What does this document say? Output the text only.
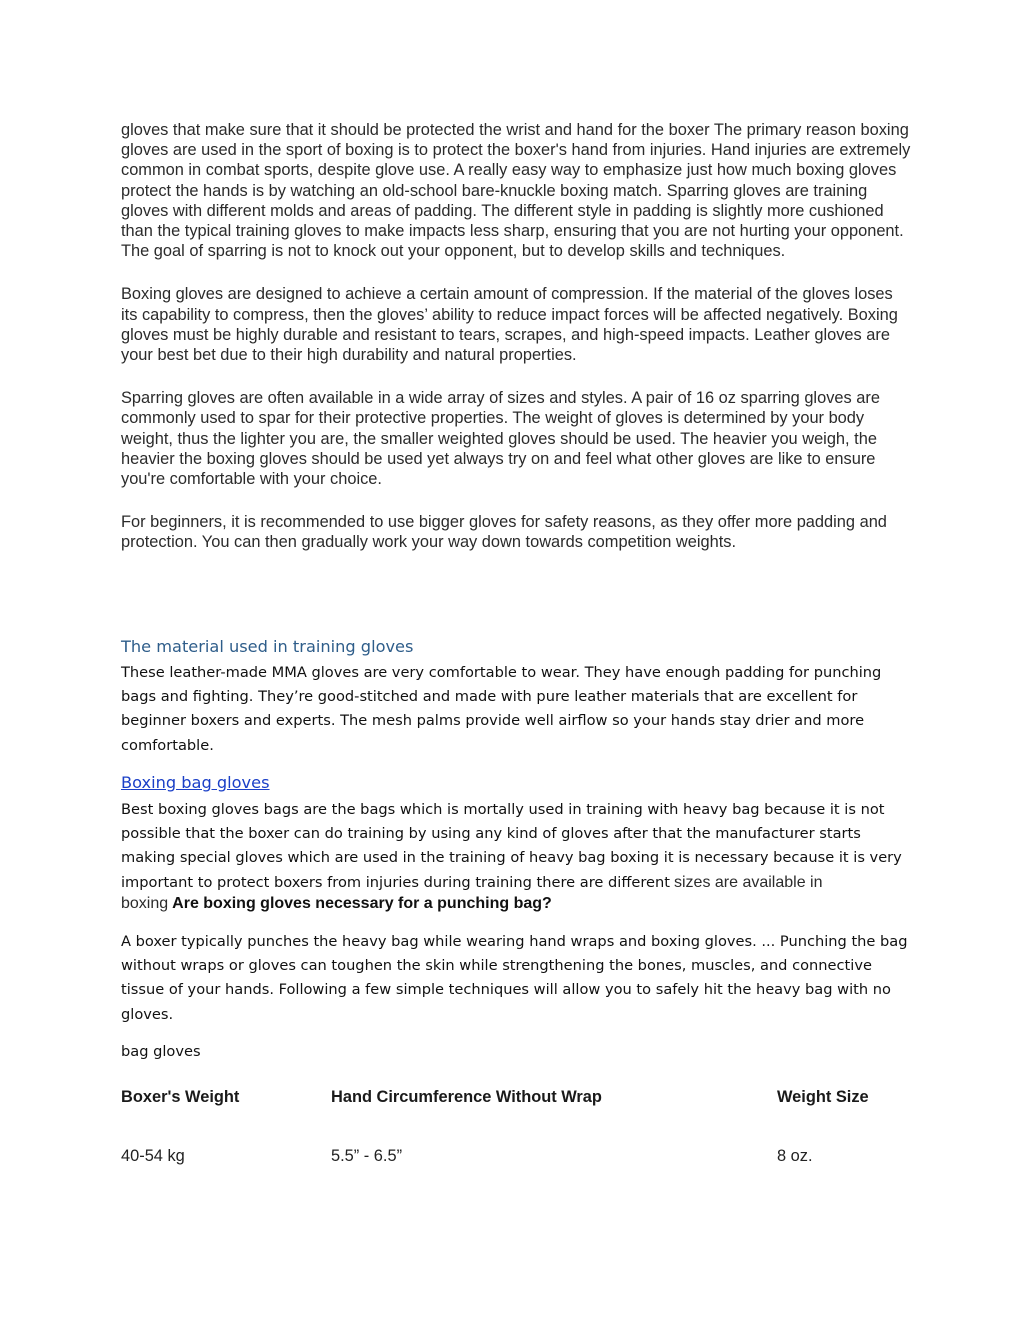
gloves that make sure that it should be protected the wrist and hand for the boxer The primary reason boxing gloves are used in the sport of boxing is to protect the boxer's hand from injuries. Hand injuries are extremely common in combat sports, despite glove use. A really easy way to emphasize just how much boxing gloves protect the hands is by watching an old-school bare-knuckle boxing match. Sparring gloves are training gloves with different molds and areas of padding. The different style in padding is slightly more cushioned than the typical training gloves to make impacts less sharp, ensuring that you are not hurting your opponent. The goal of sparring is not to knock out your opponent, but to develop skills and techniques.

Boxing gloves are designed to achieve a certain amount of compression. If the material of the gloves loses its capability to compress, then the gloves’ ability to reduce impact forces will be affected negatively. Boxing gloves must be highly durable and resistant to tears, scrapes, and high-speed impacts. Leather gloves are your best bet due to their high durability and natural properties.

Sparring gloves are often available in a wide array of sizes and styles. A pair of 16 oz sparring gloves are commonly used to spar for their protective properties. The weight of gloves is determined by your body weight, thus the lighter you are, the smaller weighted gloves should be used. The heavier you weigh, the heavier the boxing gloves should be used yet always try on and feel what other gloves are like to ensure you're comfortable with your choice.

For beginners, it is recommended to use bigger gloves for safety reasons, as they offer more padding and protection. You can then gradually work your way down towards competition weights.

The material used in training gloves

These leather-made MMA gloves are very comfortable to wear. They have enough padding for punching bags and fighting. They’re good-stitched and made with pure leather materials that are excellent for beginner boxers and experts. The mesh palms provide well airflow so your hands stay drier and more comfortable.

Boxing bag gloves
Best boxing gloves bags are the bags which is mortally used in training with heavy bag because it is not possible that the boxer can do training by using any kind of gloves after that the manufacturer starts making special gloves which are used in the training of heavy bag boxing it is necessary because it is very important to protect boxers from injuries during training there are different sizes are available in
boxing Are boxing gloves necessary for a punching bag?

A boxer typically punches the heavy bag while wearing hand wraps and boxing gloves. ... Punching the bag without wraps or gloves can toughen the skin while strengthening the bones, muscles, and connective tissue of your hands. Following a few simple techniques will allow you to safely hit the heavy bag with no gloves.

bag gloves

Boxer's Weight	Hand Circumference Without Wrap	Weight Size
40-54 kg	5.5” - 6.5”	8 oz.
